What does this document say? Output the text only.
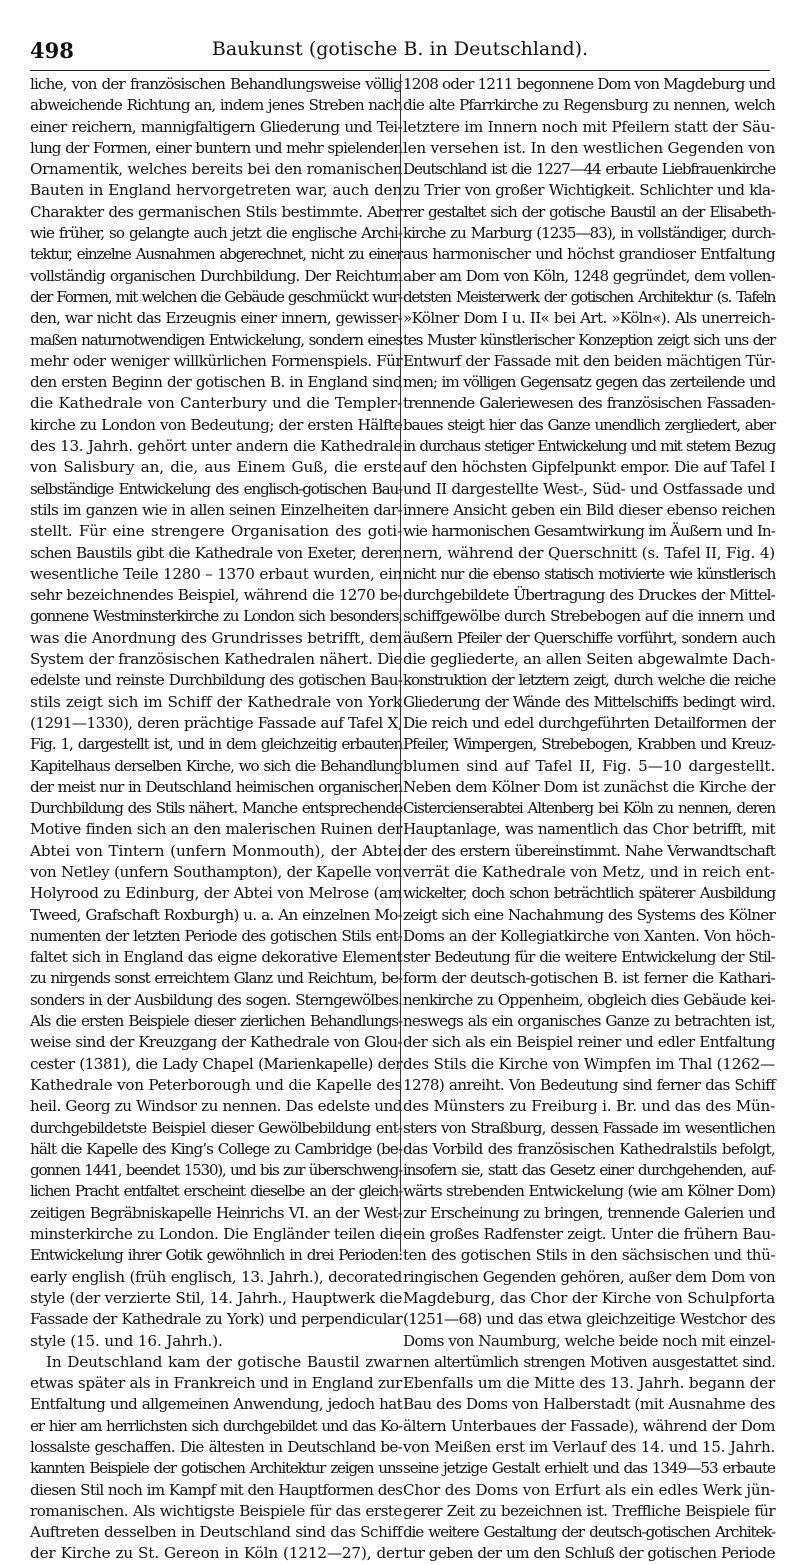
498	Baukunst (gotische B. in Deutschland).
liche, von der französischen Behandlungsweise völlig
abweichende Richtung an, indem jenes Streben nach
einer reichern, mannigfaltigern Gliederung und Tei-
lung der Formen, einer buntern und mehr spielenden
Ornamentik, welches bereits bei den romanischen
Bauten in England hervorgetreten war, auch den
Charakter des germanischen Stils bestimmte. Aber
wie früher, so gelangte auch jetzt die englische Archi-
tektur, einzelne Ausnahmen abgerechnet, nicht zu einer
vollständig organischen Durchbildung. Der Reichtum
der Formen, mit welchen die Gebäude geschmückt wur-
den, war nicht das Erzeugnis einer innern, gewisser-
maßen naturnotwendigen Entwickelung, sondern eines
mehr oder weniger willkürlichen Formenspiels. Für
den ersten Beginn der gotischen B. in England sind
die Kathedrale von Canterbury und die Templer-
kirche zu London von Bedeutung; der ersten Hälfte
des 13. Jahrh. gehört unter andern die Kathedrale
von Salisbury an, die, aus Einem Guß, die erste
selbständige Entwickelung des englisch-gotischen Bau-
stils im ganzen wie in allen seinen Einzelheiten dar-
stellt. Für eine strengere Organisation des goti-
schen Baustils gibt die Kathedrale von Exeter, deren
wesentliche Teile 1280 – 1370 erbaut wurden, ein
sehr bezeichnendes Beispiel, während die 1270 be-
gonnene Westminsterkirche zu London sich besonders,
was die Anordnung des Grundrisses betrifft, dem
System der französischen Kathedralen nähert. Die
edelste und reinste Durchbildung des gotischen Bau-
stils zeigt sich im Schiff der Kathedrale von York
(1291—1330), deren prächtige Fassade auf Tafel X,
Fig. 1, dargestellt ist, und in dem gleichzeitig erbauten
Kapitelhaus derselben Kirche, wo sich die Behandlung
der meist nur in Deutschland heimischen organischen
Durchbildung des Stils nähert. Manche entsprechende
Motive finden sich an den malerischen Ruinen der
Abtei von Tintern (unfern Monmouth), der Abtei
von Netley (unfern Southampton), der Kapelle von
Holyrood zu Edinburg, der Abtei von Melrose (am
Tweed, Grafschaft Roxburgh) u. a. An einzelnen Mo-
numenten der letzten Periode des gotischen Stils ent-
faltet sich in England das eigne dekorative Element
zu nirgends sonst erreichtem Glanz und Reichtum, be-
sonders in der Ausbildung des sogen. Sterngewölbes.
Als die ersten Beispiele dieser zierlichen Behandlungs-
weise sind der Kreuzgang der Kathedrale von Glou-
cester (1381), die Lady Chapel (Marienkapelle) der
Kathedrale von Peterborough und die Kapelle des
heil. Georg zu Windsor zu nennen. Das edelste und
durchgebildetste Beispiel dieser Gewölbebildung ent-
hält die Kapelle des King’s College zu Cambridge (be-
gonnen 1441, beendet 1530), und bis zur überschweng-
lichen Pracht entfaltet erscheint dieselbe an der gleich-
zeitigen Begräbniskapelle Heinrichs VI. an der West-
minsterkirche zu London. Die Engländer teilen die
Entwickelung ihrer Gotik gewöhnlich in drei Perioden:
early english (früh englisch, 13. Jahrh.), decorated
style (der verzierte Stil, 14. Jahrh., Hauptwerk die
Fassade der Kathedrale zu York) und perpendicular
style (15. und 16. Jahrh.).
In Deutschland kam der gotische Baustil zwar
etwas später als in Frankreich und in England zur
Entfaltung und allgemeinen Anwendung, jedoch hat
er hier am herrlichsten sich durchgebildet und das Ko-
lossalste geschaffen. Die ältesten in Deutschland be-
kannten Beispiele der gotischen Architektur zeigen uns
diesen Stil noch im Kampf mit den Hauptformen des
romanischen. Als wichtigste Beispiele für das erste
Auftreten desselben in Deutschland sind das Schiff
der Kirche zu St. Gereon in Köln (1212—27), der
1208 oder 1211 begonnene Dom von Magdeburg und
die alte Pfarrkirche zu Regensburg zu nennen, welch
letztere im Innern noch mit Pfeilern statt der Säu-
len versehen ist. In den westlichen Gegenden von
Deutschland ist die 1227—44 erbaute Liebfrauenkirche
zu Trier von großer Wichtigkeit. Schlichter und kla-
rer gestaltet sich der gotische Baustil an der Elisabeth-
kirche zu Marburg (1235—83), in vollständiger, durch-
aus harmonischer und höchst grandioser Entfaltung
aber am Dom von Köln, 1248 gegründet, dem vollen-
detsten Meisterwerk der gotischen Architektur (s. Tafeln
»Kölner Dom I u. II« bei Art. »Köln«). Als unerreich-
tes Muster künstlerischer Konzeption zeigt sich uns der
Entwurf der Fassade mit den beiden mächtigen Tür-
men; im völligen Gegensatz gegen das zerteilende und
trennende Galeriewesen des französischen Fassaden-
baues steigt hier das Ganze unendlich zergliedert, aber
in durchaus stetiger Entwickelung und mit stetem Bezug
auf den höchsten Gipfelpunkt empor. Die auf Tafel I
und II dargestellte West-, Süd- und Ostfassade und
innere Ansicht geben ein Bild dieser ebenso reichen
wie harmonischen Gesamtwirkung im Äußern und In-
nern, während der Querschnitt (s. Tafel II, Fig. 4)
nicht nur die ebenso statisch motivierte wie künstlerisch
durchgebildete Übertragung des Druckes der Mittel-
schiffgewölbe durch Strebebogen auf die innern und
äußern Pfeiler der Querschiffe vorführt, sondern auch
die gegliederte, an allen Seiten abgewalmte Dach-
konstruktion der letztern zeigt, durch welche die reiche
Gliederung der Wände des Mittelschiffs bedingt wird.
Die reich und edel durchgeführten Detailformen der
Pfeiler, Wimpergen, Strebebogen, Krabben und Kreuz-
blumen sind auf Tafel II, Fig. 5—10 dargestellt.
Neben dem Kölner Dom ist zunächst die Kirche der
Cistercienserabtei Altenberg bei Köln zu nennen, deren
Hauptanlage, was namentlich das Chor betrifft, mit
der des erstern übereinstimmt. Nahe Verwandtschaft
verrät die Kathedrale von Metz, und in reich ent-
wickelter, doch schon beträchtlich späterer Ausbildung
zeigt sich eine Nachahmung des Systems des Kölner
Doms an der Kollegiatkirche von Xanten. Von höch-
ster Bedeutung für die weitere Entwickelung der Stil-
form der deutsch-gotischen B. ist ferner die Kathari-
nenkirche zu Oppenheim, obgleich dies Gebäude kei-
neswegs als ein organisches Ganze zu betrachten ist,
der sich als ein Beispiel reiner und edler Entfaltung
des Stils die Kirche von Wimpfen im Thal (1262—
1278) anreiht. Von Bedeutung sind ferner das Schiff
des Münsters zu Freiburg i. Br. und das des Mün-
sters von Straßburg, dessen Fassade im wesentlichen
das Vorbild des französischen Kathedralstils befolgt,
insofern sie, statt das Gesetz einer durchgehenden, auf-
wärts strebenden Entwickelung (wie am Kölner Dom)
zur Erscheinung zu bringen, trennende Galerien und
ein großes Radfenster zeigt. Unter die frühern Bau-
ten des gotischen Stils in den sächsischen und thü-
ringischen Gegenden gehören, außer dem Dom von
Magdeburg, das Chor der Kirche von Schulpforta
(1251—68) und das etwa gleichzeitige Westchor des
Doms von Naumburg, welche beide noch mit einzel-
nen altertümlich strengen Motiven ausgestattet sind.
Ebenfalls um die Mitte des 13. Jahrh. begann der
Bau des Doms von Halberstadt (mit Ausnahme des
ältern Unterbaues der Fassade), während der Dom
von Meißen erst im Verlauf des 14. und 15. Jahrh.
seine jetzige Gestalt erhielt und das 1349—53 erbaute
Chor des Doms von Erfurt als ein edles Werk jün-
gerer Zeit zu bezeichnen ist. Treffliche Beispiele für
die weitere Gestaltung der deutsch-gotischen Architek-
tur geben der um den Schluß der gotischen Periode
